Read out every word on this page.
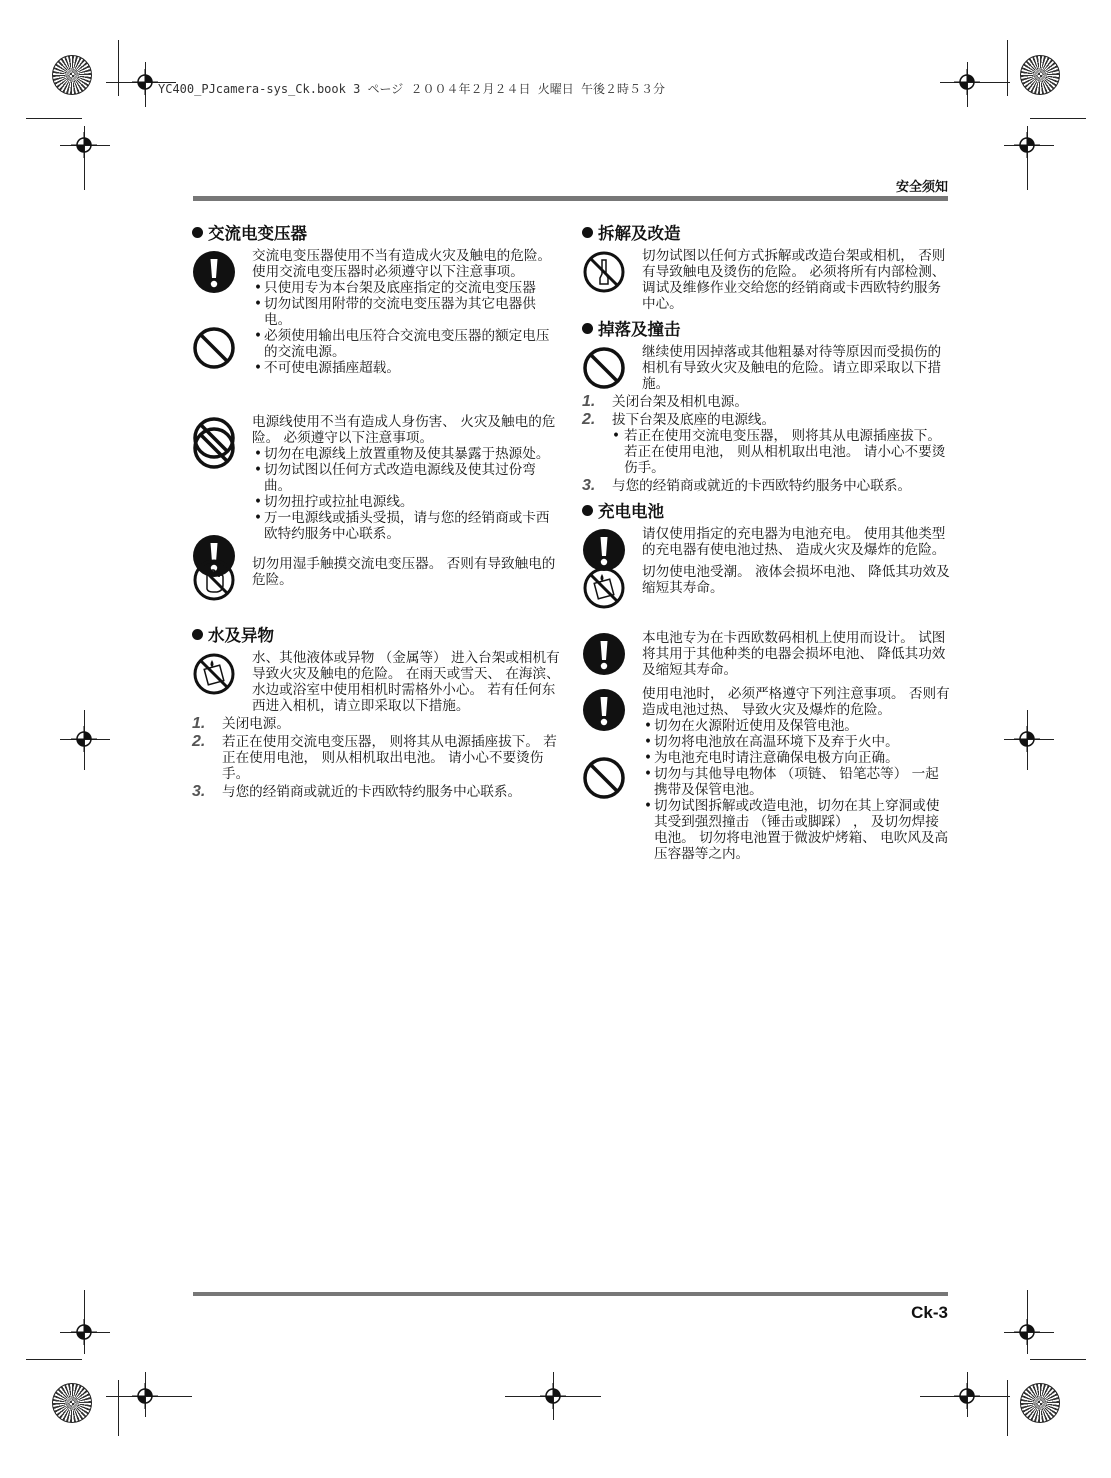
YC400_PJcamera-sys_Ck.book 3 ページ ２００４年２月２４日 火曜日 午後２時５３分
安全须知
交流电变压器
交流电变压器使用不当有造成火灾及触电的危险。 使用交流电变压器时必须遵守以下注意事项。
• 只使用专为本台架及底座指定的交流电变压器
• 切勿试图用附带的交流电变压器为其它电器供电。
• 必须使用输出电压符合交流电变压器的额定电压的交流电源。
• 不可使电源插座超载。
电源线使用不当有造成人身伤害、 火灾及触电的危险。 必须遵守以下注意事项。
• 切勿在电源线上放置重物及使其暴露于热源处。
• 切勿试图以任何方式改造电源线及使其过份弯曲。
• 切勿扭拧或拉扯电源线。
• 万一电源线或插头受损，请与您的经销商或卡西欧特约服务中心联系。
切勿用湿手触摸交流电变压器。 否则有导致触电的危险。
水及异物
水、其他液体或异物 （金属等） 进入台架或相机有导致火灾及触电的危险。 在雨天或雪天、 在海滨、 水边或浴室中使用相机时需格外小心。 若有任何东西进入相机，请立即采取以下措施。
1. 关闭电源。
2. 若正在使用交流电变压器， 则将其从电源插座拔下。 若正在使用电池， 则从相机取出电池。 请小心不要烫伤手。
3. 与您的经销商或就近的卡西欧特约服务中心联系。
拆解及改造
切勿试图以任何方式拆解或改造台架或相机， 否则有导致触电及烫伤的危险。 必须将所有内部检测、 调试及维修作业交给您的经销商或卡西欧特约服务中心。
掉落及撞击
继续使用因掉落或其他粗暴对待等原因而受损伤的相机有导致火灾及触电的危险。请立即采取以下措施。
1. 关闭台架及相机电源。
2. 拔下台架及底座的电源线。
• 若正在使用交流电变压器， 则将其从电源插座拔下。 若正在使用电池， 则从相机取出电池。 请小心不要烫伤手。
3. 与您的经销商或就近的卡西欧特约服务中心联系。
充电电池
请仅使用指定的充电器为电池充电。 使用其他类型的充电器有使电池过热、 造成火灾及爆炸的危险。
切勿使电池受潮。 液体会损坏电池、 降低其功效及缩短其寿命。
本电池专为在卡西欧数码相机上使用而设计。 试图将其用于其他种类的电器会损坏电池、 降低其功效及缩短其寿命。
使用电池时， 必须严格遵守下列注意事项。 否则有造成电池过热、 导致火灾及爆炸的危险。
• 切勿在火源附近使用及保管电池。
• 切勿将电池放在高温环境下及弃于火中。
• 为电池充电时请注意确保电极方向正确。
• 切勿与其他导电物体 （项链、 铅笔芯等） 一起携带及保管电池。
• 切勿试图拆解或改造电池，切勿在其上穿洞或使其受到强烈撞击 （锤击或脚踩） ， 及切勿焊接电池。 切勿将电池置于微波炉烤箱、 电吹风及高压容器等之内。
Ck-3
